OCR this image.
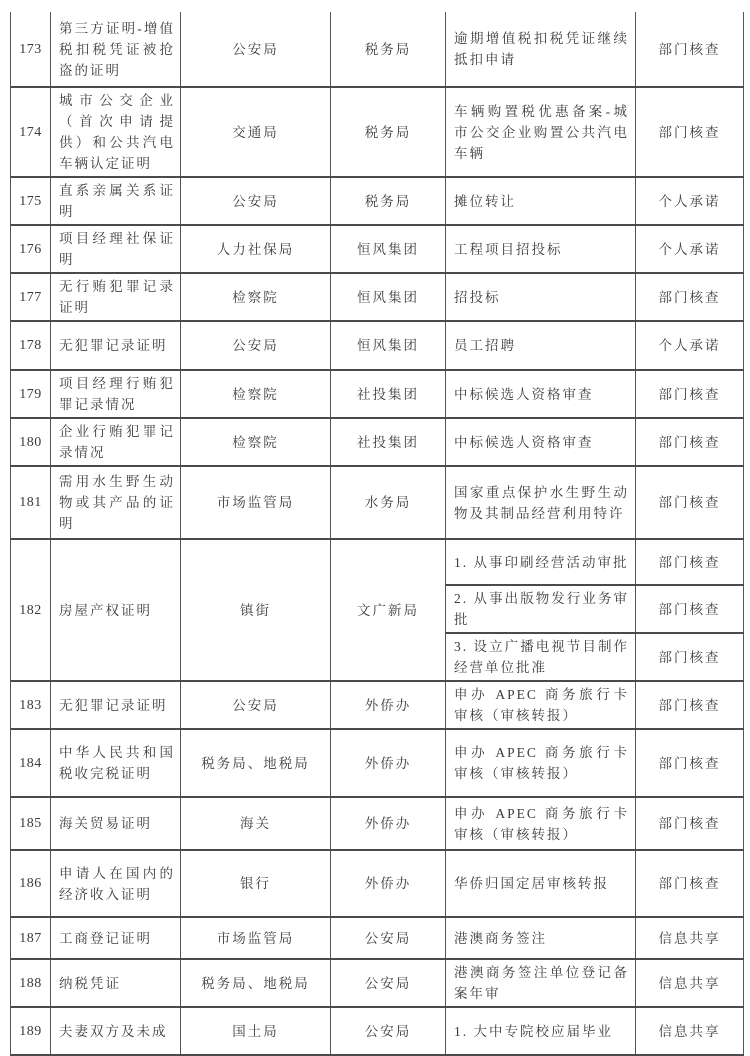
173	第三方证明-增值税扣税凭证被抢盗的证明	公安局	税务局	逾期增值税扣税凭证继续抵扣申请	部门核查
174	城市公交企业（首次申请提供）和公共汽电车辆认定证明	交通局	税务局	车辆购置税优惠备案-城市公交企业购置公共汽电车辆	部门核查
175	直系亲属关系证明	公安局	税务局	摊位转让	个人承诺
176	项目经理社保证明	人力社保局	恒风集团	工程项目招投标	个人承诺
177	无行贿犯罪记录证明	检察院	恒风集团	招投标	部门核查
178	无犯罪记录证明	公安局	恒风集团	员工招聘	个人承诺
179	项目经理行贿犯罪记录情况	检察院	社投集团	中标候选人资格审查	部门核查
180	企业行贿犯罪记录情况	检察院	社投集团	中标候选人资格审查	部门核查
181	需用水生野生动物或其产品的证明	市场监管局	水务局	国家重点保护水生野生动物及其制品经营利用特许	部门核查
182	房屋产权证明	镇街	文广新局	1. 从事印刷经营活动审批	部门核查
				2. 从事出版物发行业务审批	部门核查
				3. 设立广播电视节目制作经营单位批准	部门核查
183	无犯罪记录证明	公安局	外侨办	申办 APEC 商务旅行卡审核（审核转报）	部门核查
184	中华人民共和国税收完税证明	税务局、地税局	外侨办	申办 APEC 商务旅行卡审核（审核转报）	部门核查
185	海关贸易证明	海关	外侨办	申办 APEC 商务旅行卡审核（审核转报）	部门核查
186	申请人在国内的经济收入证明	银行	外侨办	华侨归国定居审核转报	部门核查
187	工商登记证明	市场监管局	公安局	港澳商务签注	信息共享
188	纳税凭证	税务局、地税局	公安局	港澳商务签注单位登记备案年审	信息共享
189	夫妻双方及未成	国土局	公安局	1. 大中专院校应届毕业	信息共享
